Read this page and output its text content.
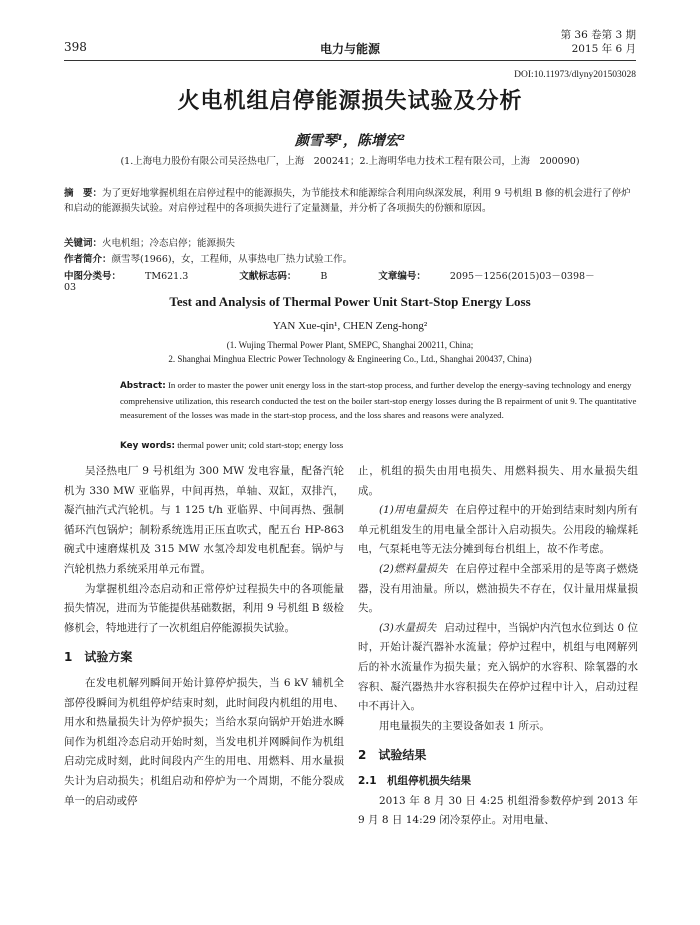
398	电力与能源
第 36 卷第 3 期
2015 年 6 月
DOI:10.11973/dlyny201503028
火电机组启停能源损失试验及分析
颜雪琴¹，陈增宏²
(1.上海电力股份有限公司吴泾热电厂，上海　200241；2.上海明华电力技术工程有限公司，上海　200090)
摘　要：为了更好地掌握机组在启停过程中的能源损失，为节能技术和能源综合利用向纵深发展，利用 9 号机组 B 修的机会进行了停炉和启动的能源损失试验。对启停过程中的各项损失进行了定量测量，并分析了各项损失的份额和原因。
关键词：火电机组；冷态启停；能源损失
作者简介：颜雪琴(1966)，女，工程师，从事热电厂热力试验工作。
中图分类号：	TM621.3	文献标志码：	B	文章编号：	2095－1256(2015)03－0398－03
Test and Analysis of Thermal Power Unit Start-Stop Energy Loss
YAN Xue-qin¹, CHEN Zeng-hong²
(1. Wujing Thermal Power Plant, SMEPC, Shanghai 200211, China;
2. Shanghai Minghua Electric Power Technology & Engineering Co., Ltd., Shanghai 200437, China)
Abstract: In order to master the power unit energy loss in the start-stop process, and further develop the energy-saving technology and energy comprehensive utilization, this research conducted the test on the boiler start-stop energy losses during the B repairment of unit 9. The quantitative measurement of the losses was made in the start-stop process, and the loss shares and reasons were analyzed.
Key words: thermal power unit; cold start-stop; energy loss

吴泾热电厂 9 号机组为 300 MW 发电容量，配备汽轮机为 330 MW 亚临界，中间再热，单轴、双缸，双排汽，凝汽抽汽式汽轮机。与 1 125 t/h 亚临界、中间再热、强制循环汽包锅炉；制粉系统选用正压直吹式，配五台 HP-863 碗式中速磨煤机及 315 MW 水氢冷却发电机配套。锅炉与汽轮机热力系统采用单元布置。

为掌握机组冷态启动和正常停炉过程损失中的各项能量损失情况，进而为节能提供基础数据，利用 9 号机组 B 级检修机会，特地进行了一次机组启停能源损失试验。

1　试验方案

在发电机解列瞬间开始计算停炉损失，当 6 kV 辅机全部停役瞬间为机组停炉结束时刻，此时间段内机组的用电、用水和热量损失计为停炉损失；当给水泵向锅炉开始进水瞬间作为机组冷态启动开始时刻，当发电机并网瞬间作为机组启动完成时刻，此时间段内产生的用电、用燃料、用水量损失计为启动损失；机组启动和停炉为一个周期，不能分裂成单一的启动或停

止，机组的损失由用电损失、用燃料损失、用水量损失组成。

(1)用电量损失 在启停过程中的开始到结束时刻内所有单元机组发生的用电量全部计入启动损失。公用段的输煤耗电，气泵耗电等无法分摊到每台机组上，故不作考虑。

(2)燃料量损失 在启停过程中全部采用的是等离子燃烧器，没有用油量。所以，燃油损失不存在，仅计量用煤量损失。

(3)水量损失 启动过程中，当锅炉内汽包水位到达 0 位时，开始计凝汽器补水流量；停炉过程中，机组与电网解列后的补水流量作为损失量；充入锅炉的水容积、除氧器的水容积、凝汽器热井水容积损失在停炉过程中计入，启动过程中不再计入。

用电量损失的主要设备如表 1 所示。

2　试验结果
2.1　机组停机损失结果

2013 年 8 月 30 日 4:25 机组滑参数停炉到 2013 年 9 月 8 日 14:29 闭冷泵停止。对用电量、
